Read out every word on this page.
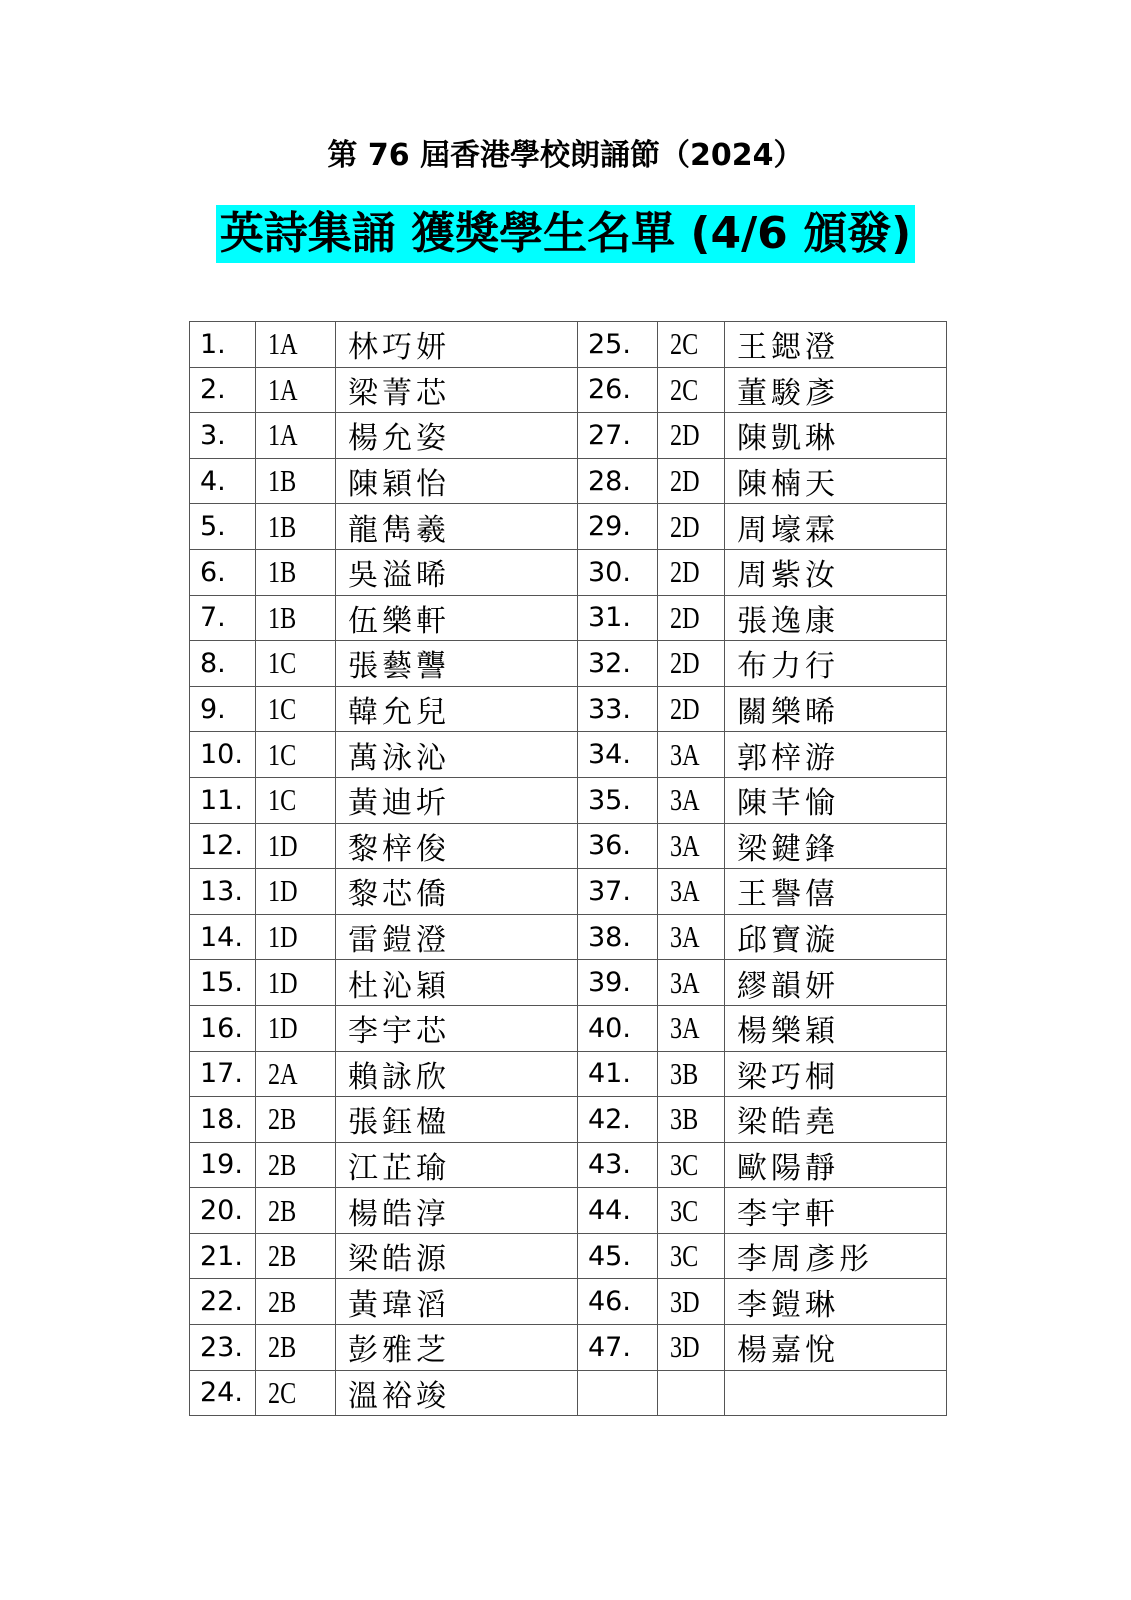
第 76 屆香港學校朗誦節（2024）
英詩集誦 獲獎學生名單 (4/6 頒發)
1.	1A	林巧妍	25.	2C	王鍶澄
2.	1A	梁菁芯	26.	2C	董駿彥
3.	1A	楊允姿	27.	2D	陳凱琳
4.	1B	陳穎怡	28.	2D	陳楠天
5.	1B	龍雋羲	29.	2D	周壕霖
6.	1B	吳溢晞	30.	2D	周紫汝
7.	1B	伍樂軒	31.	2D	張逸康
8.	1C	張藝讋	32.	2D	布力行
9.	1C	韓允兒	33.	2D	關樂晞
10.	1C	萬泳沁	34.	3A	郭梓游
11.	1C	黃迪圻	35.	3A	陳芊愉
12.	1D	黎梓俊	36.	3A	梁鍵鋒
13.	1D	黎芯僑	37.	3A	王譽僖
14.	1D	雷鎧澄	38.	3A	邱寶漩
15.	1D	杜沁穎	39.	3A	繆韻妍
16.	1D	李宇芯	40.	3A	楊樂穎
17.	2A	賴詠欣	41.	3B	梁巧桐
18.	2B	張鈺楹	42.	3B	梁皓堯
19.	2B	江芷瑜	43.	3C	歐陽靜
20.	2B	楊皓淳	44.	3C	李宇軒
21.	2B	梁皓源	45.	3C	李周彥彤
22.	2B	黃瑋滔	46.	3D	李鎧琳
23.	2B	彭雅芝	47.	3D	楊嘉悅
24.	2C	溫裕竣			
